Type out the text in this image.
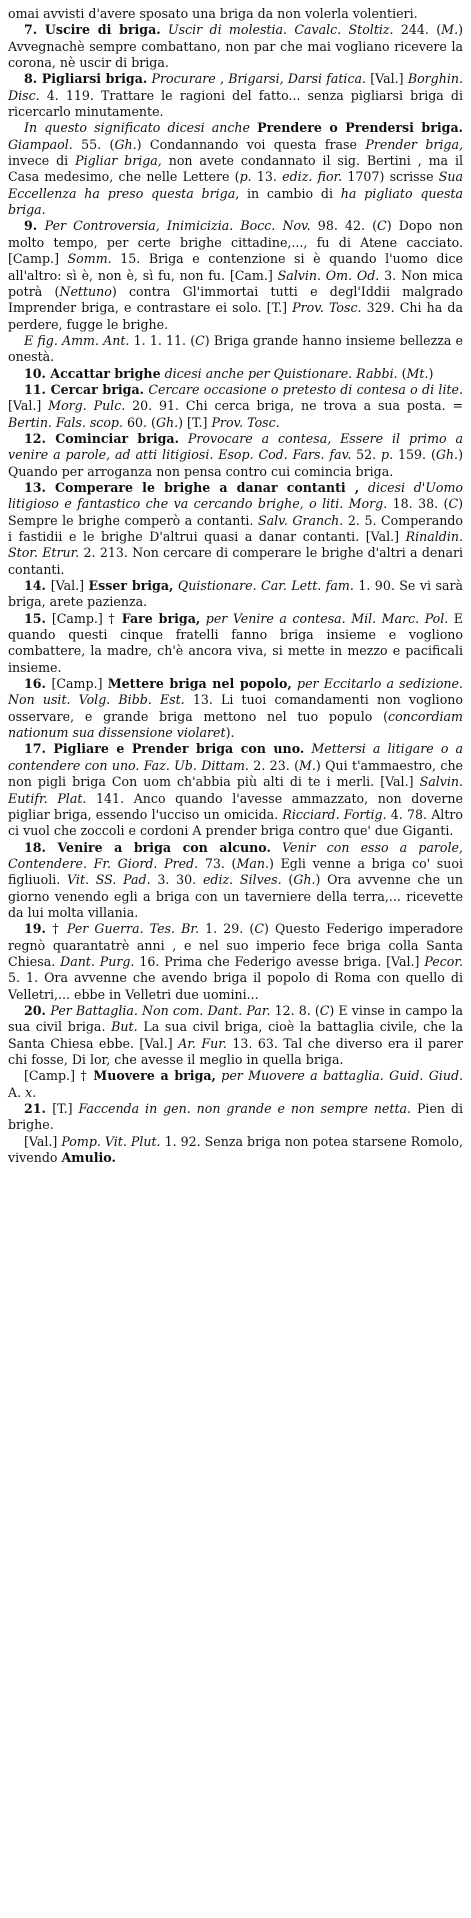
omai avvisti d'avere sposato una briga da non volerla volentieri.
7. Uscire di briga. Uscir di molestia. Cavalc. Stoltiz. 244. (M.) Avvegnachè sempre combattano, non par che mai vogliano ricevere la corona, nè uscir di briga.
8. Pigliarsi briga. Procurare , Brigarsi, Darsi fatica. [Val.] Borghin. Disc. 4. 119. Trattare le ragioni del fatto... senza pigliarsi briga di ricercarlo minutamente.
In questo significato dicesi anche Prendere o Prendersi briga. Giampaol. 55. (Gh.) Condannando voi questa frase Prender briga, invece di Pigliar briga, non avete condannato il sig. Bertini , ma il Casa medesimo, che nelle Lettere (p. 13. ediz. fior. 1707) scrisse Sua Eccellenza ha preso questa briga, in cambio di ha pigliato questa briga.
9. Per Controversia, Inimicizia. Bocc. Nov. 98. 42. (C) Dopo non molto tempo, per certe brighe cittadine,..., fu di Atene cacciato. [Camp.] Somm. 15. Briga e contenzione si è quando l'uomo dice all'altro: sì è, non è, sì fu, non fu. [Cam.] Salvin. Om. Od. 3. Non mica potrà (Nettuno) contra Gl'immortai tutti e degl'Iddii malgrado Imprender briga, e contrastare ei solo. [T.] Prov. Tosc. 329. Chi ha da perdere, fugge le brighe.
E fig. Amm. Ant. 1. 1. 11. (C) Briga grande hanno insieme bellezza e onestà.
10. Accattar brighe dicesi anche per Quistionare. Rabbi. (Mt.)
11. Cercar briga. Cercare occasione o pretesto di contesa o di lite. [Val.] Morg. Pulc. 20. 91. Chi cerca briga, ne trova a sua posta. = Bertin. Fals. scop. 60. (Gh.) [T.] Prov. Tosc.
12. Cominciar briga. Provocare a contesa, Essere il primo a venire a parole, ad atti litigiosi. Esop. Cod. Fars. fav. 52. p. 159. (Gh.) Quando per arroganza non pensa contro cui comincia briga.
13. Comperare le brighe a danar contanti , dicesi d'Uomo litigioso e fantastico che va cercando brighe, o liti. Morg. 18. 38. (C) Sempre le brighe comperò a contanti. Salv. Granch. 2. 5. Comperando i fastidii e le brighe D'altrui quasi a danar contanti. [Val.] Rinaldin. Stor. Etrur. 2. 213. Non cercare di comperare le brighe d'altri a denari contanti.
14. [Val.] Esser briga, Quistionare. Car. Lett. fam. 1. 90. Se vi sarà briga, arete pazienza.
15. [Camp.] † Fare briga, per Venire a contesa. Mil. Marc. Pol. E quando questi cinque fratelli fanno briga insieme e vogliono combattere, la madre, ch'è ancora viva, si mette in mezzo e pacificali insieme.
16. [Camp.] Mettere briga nel popolo, per Eccitarlo a sedizione. Non usit. Volg. Bibb. Est. 13. Li tuoi comandamenti non vogliono osservare, e grande briga mettono nel tuo populo (concordiam nationum sua dissensione violaret).
17. Pigliare e Prender briga con uno. Mettersi a litigare o a contendere con uno. Faz. Ub. Dittam. 2. 23. (M.) Qui t'ammaestro, che non pigli briga Con uom ch'abbia più alti di te i merli. [Val.] Salvin. Eutifr. Plat. 141. Anco quando l'avesse ammazzato, non doverne pigliar briga, essendo l'ucciso un omicida. Ricciard. Fortig. 4. 78. Altro ci vuol che zoccoli e cordoni A prender briga contro que' due Giganti.
18. Venire a briga con alcuno. Venir con esso a parole, Contendere. Fr. Giord. Pred. 73. (Man.) Egli venne a briga co' suoi figliuoli. Vit. SS. Pad. 3. 30. ediz. Silves. (Gh.) Ora avvenne che un giorno venendo egli a briga con un taverniere della terra,... ricevette da lui molta villania.
19. † Per Guerra. Tes. Br. 1. 29. (C) Questo Federigo imperadore regnò quarantatrè anni , e nel suo imperio fece briga colla Santa Chiesa. Dant. Purg. 16. Prima che Federigo avesse briga. [Val.] Pecor. 5. 1. Ora avvenne che avendo briga il popolo di Roma con quello di Velletri,... ebbe in Velletri due uomini...
20. Per Battaglia. Non com. Dant. Par. 12. 8. (C) E vinse in campo la sua civil briga. But. La sua civil briga, cioè la battaglia civile, che la Santa Chiesa ebbe. [Val.] Ar. Fur. 13. 63. Tal che diverso era il parer chi fosse, Di lor, che avesse il meglio in quella briga.
[Camp.] † Muovere a briga, per Muovere a battaglia. Guid. Giud. A. x.
21. [T.] Faccenda in gen. non grande e non sempre netta. Pien di brighe.
[Val.] Pomp. Vit. Plut. 1. 92. Senza briga non potea starsene Romolo, vivendo Amulio.
